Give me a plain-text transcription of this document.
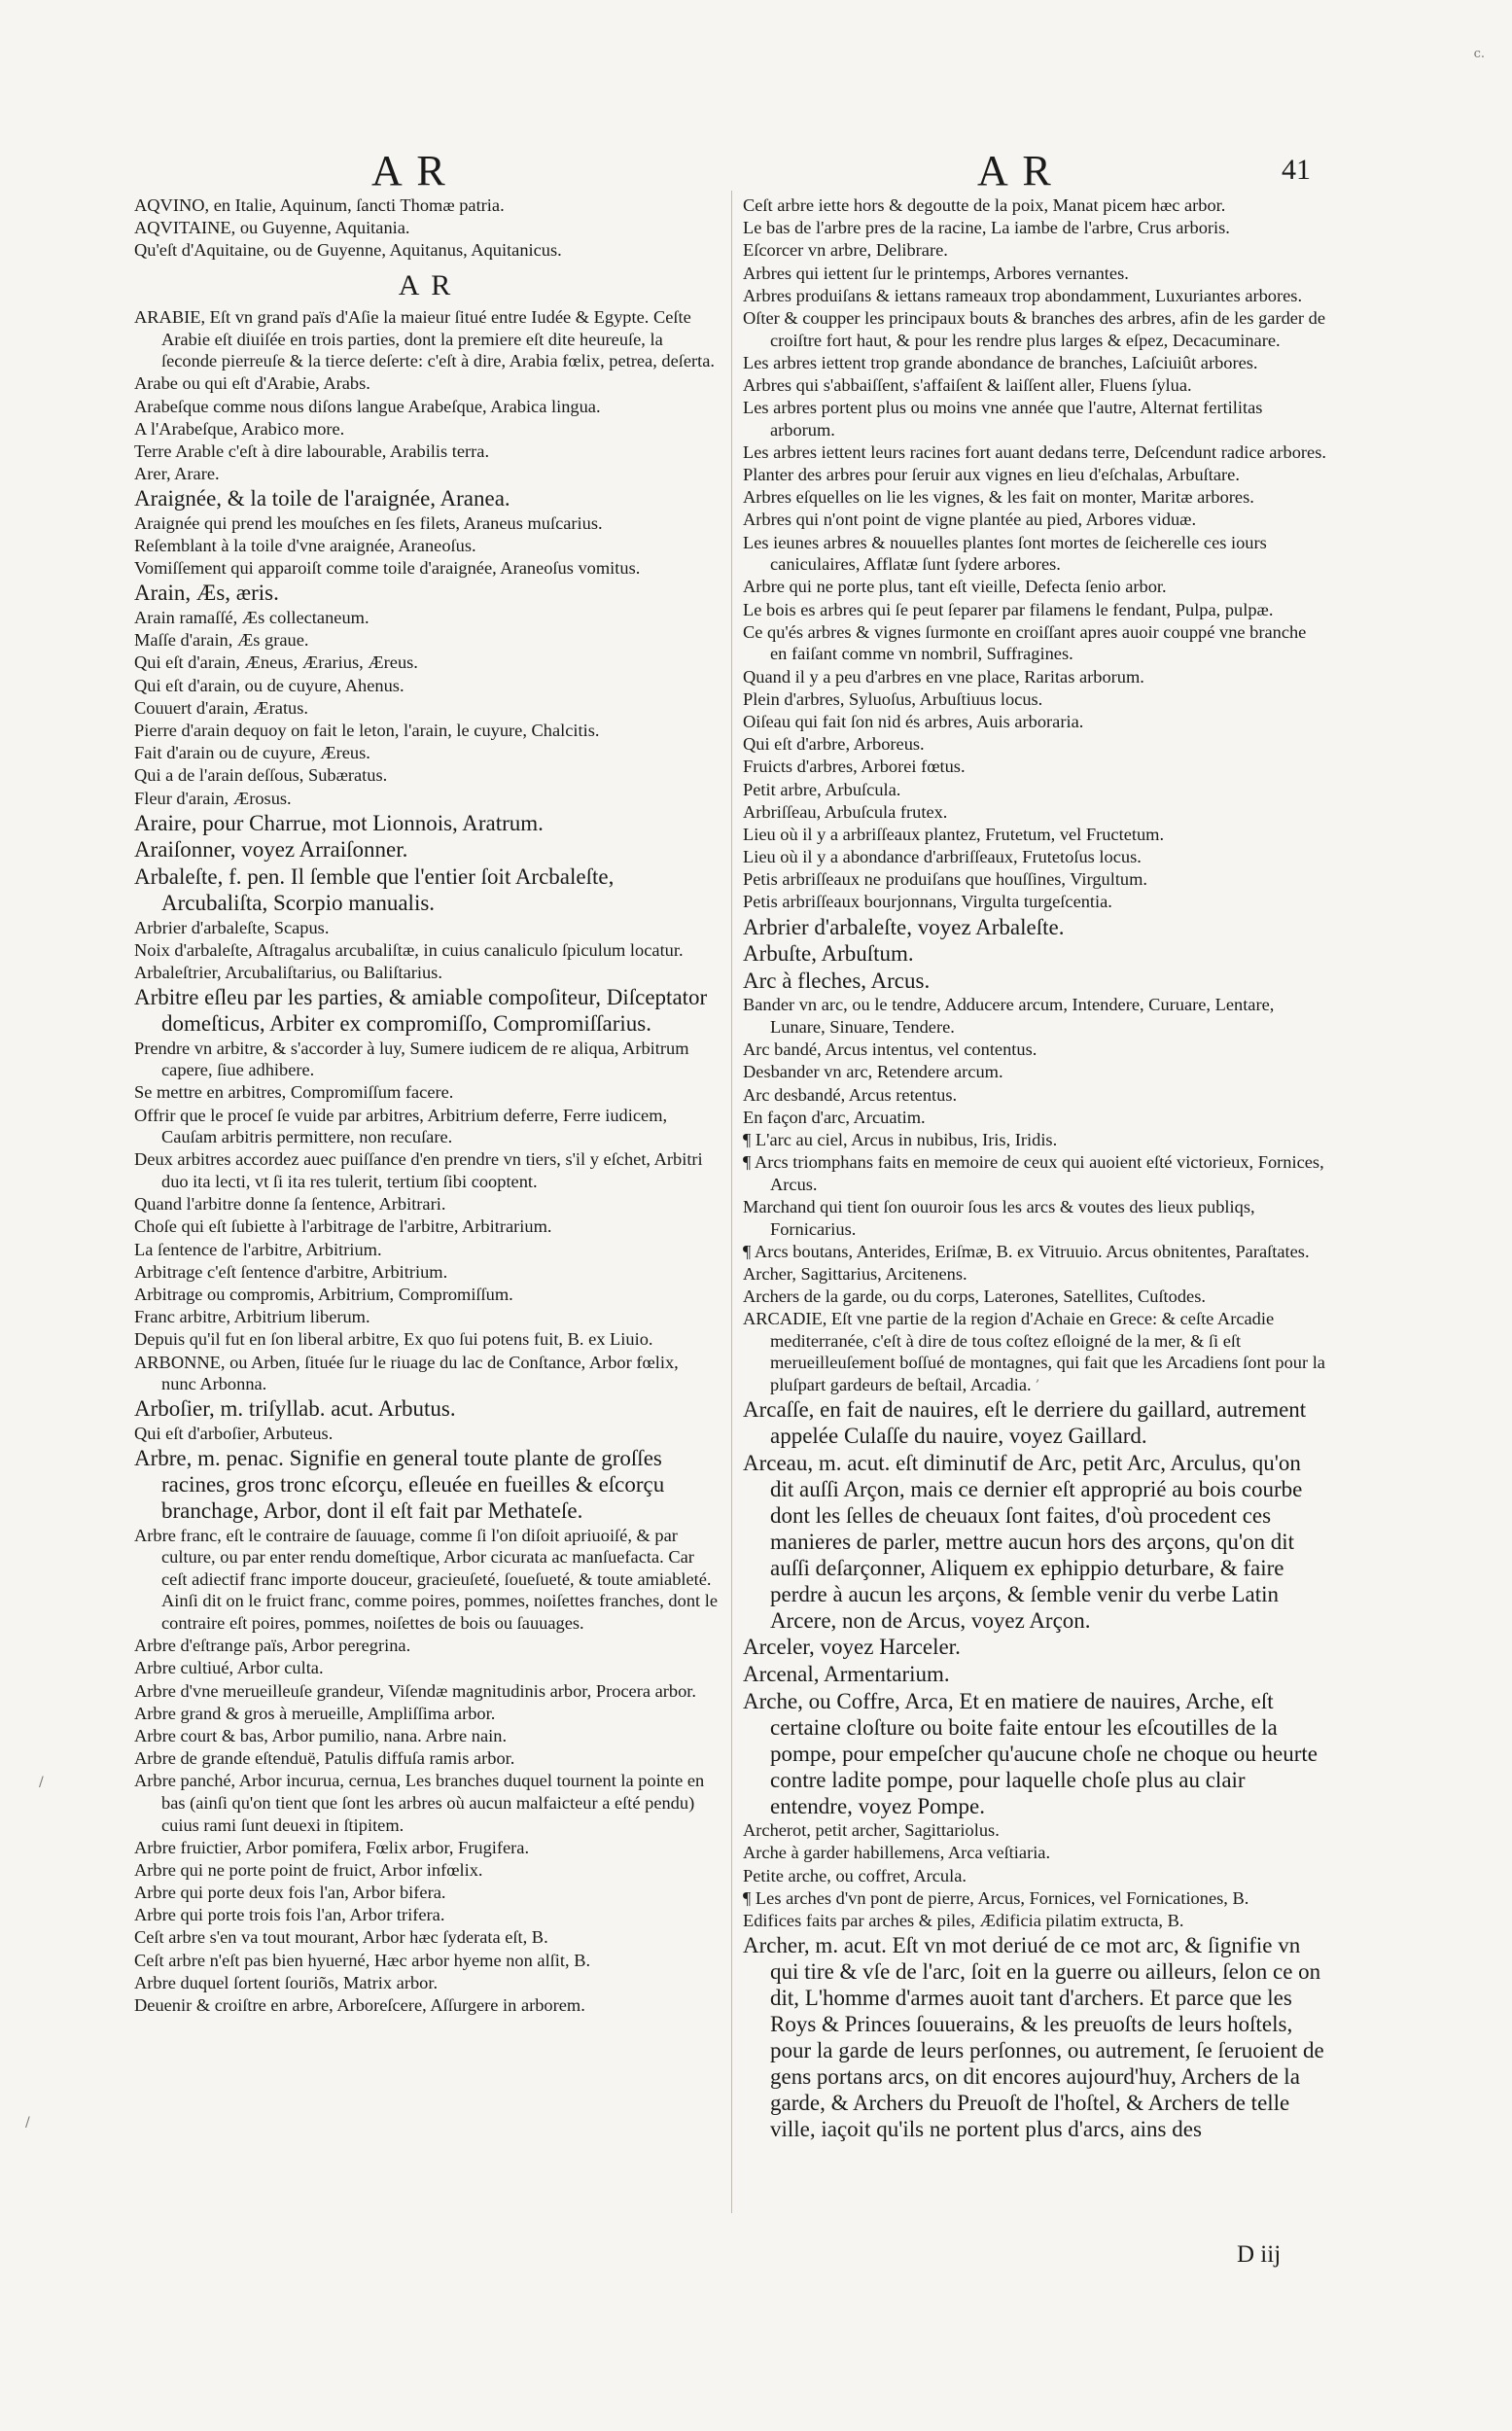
c.
A R	A R	41
AQVINO, en Italie, Aquinum, ſancti Thomæ patria.
AQVITAINE, ou Guyenne, Aquitania.
Qu'eſt d'Aquitaine, ou de Guyenne, Aquitanus, Aquitanicus.
A R
ARABIE, Eſt vn grand païs d'Aſie la maieur ſitué entre Iudée & Egypte. Ceſte Arabie eſt diuiſée en trois parties, dont la premiere eſt dite heureuſe, la ſeconde pierreuſe & la tierce deſerte: c'eſt à dire, Arabia fœlix, petrea, deſerta.
Arabe ou qui eſt d'Arabie, Arabs.
Arabeſque comme nous diſons langue Arabeſque, Arabica lingua.
A l'Arabeſque, Arabico more.
Terre Arable c'eſt à dire labourable, Arabilis terra.
Arer, Arare.
Araignée, & la toile de l'araignée, Aranea.
Araignée qui prend les mouſches en ſes filets, Araneus muſcarius.
Reſemblant à la toile d'vne araignée, Araneoſus.
Vomiſſement qui apparoiſt comme toile d'araignée, Araneoſus vomitus.
Arain, Æs, æris.
Arain ramaſſé, Æs collectaneum.
Maſſe d'arain, Æs graue.
Qui eſt d'arain, Æneus, Ærarius, Æreus.
Qui eſt d'arain, ou de cuyure, Ahenus.
Couuert d'arain, Æratus.
Pierre d'arain dequoy on fait le leton, l'arain, le cuyure, Chalcitis.
Fait d'arain ou de cuyure, Æreus.
Qui a de l'arain deſſous, Subæratus.
Fleur d'arain, Ærosus.
Araire, pour Charrue, mot Lionnois, Aratrum.
Araiſonner, voyez Arraiſonner.
Arbaleſte, f. pen. Il ſemble que l'entier ſoit Arcbaleſte, Arcubaliſta, Scorpio manualis.
Arbrier d'arbaleſte, Scapus.
Noix d'arbaleſte, Aſtragalus arcubaliſtæ, in cuius canaliculo ſpiculum locatur.
Arbaleſtrier, Arcubaliſtarius, ou Baliſtarius.
Arbitre eſleu par les parties, & amiable compoſiteur, Diſceptator domeſticus, Arbiter ex compromiſſo, Compromiſſarius.
Prendre vn arbitre, & s'accorder à luy, Sumere iudicem de re aliqua, Arbitrum capere, ſiue adhibere.
Se mettre en arbitres, Compromiſſum facere.
Offrir que le proceſ ſe vuide par arbitres, Arbitrium deferre, Ferre iudicem, Cauſam arbitris permittere, non recuſare.
Deux arbitres accordez auec puiſſance d'en prendre vn tiers, s'il y eſchet, Arbitri duo ita lecti, vt ſi ita res tulerit, tertium ſibi cooptent.
Quand l'arbitre donne ſa ſentence, Arbitrari.
Choſe qui eſt ſubiette à l'arbitrage de l'arbitre, Arbitrarium.
La ſentence de l'arbitre, Arbitrium.
Arbitrage c'eſt ſentence d'arbitre, Arbitrium.
Arbitrage ou compromis, Arbitrium, Compromiſſum.
Franc arbitre, Arbitrium liberum.
Depuis qu'il fut en ſon liberal arbitre, Ex quo ſui potens fuit, B. ex Liuio.
ARBONNE, ou Arben, ſituée ſur le riuage du lac de Conſtance, Arbor fœlix, nunc Arbonna.
Arboſier, m. triſyllab. acut. Arbutus.
Qui eſt d'arboſier, Arbuteus.
Arbre, m. penac. Signifie en general toute plante de groſſes racines, gros tronc eſcorçu, eſleuée en fueilles & eſcorçu branchage, Arbor, dont il eſt fait par Methateſe.
Arbre franc, eſt le contraire de ſauuage, comme ſi l'on diſoit apriuoiſé, & par culture, ou par enter rendu domeſtique, Arbor cicurata ac manſuefacta. Car ceſt adiectif franc importe douceur, gracieuſeté, ſoueſueté, & toute amiableté. Ainſi dit on le fruict franc, comme poires, pommes, noiſettes franches, dont le contraire eſt poires, pommes, noiſettes de bois ou ſauuages.
Arbre d'eſtrange païs, Arbor peregrina.
Arbre cultiué, Arbor culta.
Arbre d'vne merueilleuſe grandeur, Viſendæ magnitudinis arbor, Procera arbor.
Arbre grand & gros à merueille, Ampliſſima arbor.
Arbre court & bas, Arbor pumilio, nana. Arbre nain.
Arbre de grande eſtenduë, Patulis diffuſa ramis arbor.
Arbre panché, Arbor incurua, cernua, Les branches duquel tournent la pointe en bas (ainſi qu'on tient que ſont les arbres où aucun malfaicteur a eſté pendu) cuius rami ſunt deuexi in ſtipitem.
Arbre fruictier, Arbor pomifera, Fœlix arbor, Frugifera.
Arbre qui ne porte point de fruict, Arbor infœlix.
Arbre qui porte deux fois l'an, Arbor bifera.
Arbre qui porte trois fois l'an, Arbor trifera.
Ceſt arbre s'en va tout mourant, Arbor hæc ſyderata eſt, B.
Ceſt arbre n'eſt pas bien hyuerné, Hæc arbor hyeme non alſit, B.
Arbre duquel ſortent ſouriõs, Matrix arbor.
Deuenir & croiſtre en arbre, Arboreſcere, Aſſurgere in arborem.
Ceſt arbre iette hors & degoutte de la poix, Manat picem hæc arbor.
Le bas de l'arbre pres de la racine, La iambe de l'arbre, Crus arboris.
Eſcorcer vn arbre, Delibrare.
Arbres qui iettent ſur le printemps, Arbores vernantes.
Arbres produiſans & iettans rameaux trop abondamment, Luxuriantes arbores.
Oſter & coupper les principaux bouts & branches des arbres, afin de les garder de croiſtre fort haut, & pour les rendre plus larges & eſpez, Decacuminare.
Les arbres iettent trop grande abondance de branches, Laſciuiût arbores.
Arbres qui s'abbaiſſent, s'affaiſent & laiſſent aller, Fluens ſylua.
Les arbres portent plus ou moins vne année que l'autre, Alternat fertilitas arborum.
Les arbres iettent leurs racines fort auant dedans terre, Deſcendunt radice arbores.
Planter des arbres pour ſeruir aux vignes en lieu d'eſchalas, Arbuſtare.
Arbres eſquelles on lie les vignes, & les fait on monter, Maritæ arbores.
Arbres qui n'ont point de vigne plantée au pied, Arbores viduæ.
Les ieunes arbres & nouuelles plantes ſont mortes de ſeicherelle ces iours caniculaires, Afflatæ ſunt ſydere arbores.
Arbre qui ne porte plus, tant eſt vieille, Defecta ſenio arbor.
Le bois es arbres qui ſe peut ſeparer par filamens le fendant, Pulpa, pulpæ.
Ce qu'és arbres & vignes ſurmonte en croiſſant apres auoir couppé vne branche en faiſant comme vn nombril, Suffragines.
Quand il y a peu d'arbres en vne place, Raritas arborum.
Plein d'arbres, Syluoſus, Arbuſtiuus locus.
Oiſeau qui fait ſon nid és arbres, Auis arboraria.
Qui eſt d'arbre, Arboreus.
Fruicts d'arbres, Arborei fœtus.
Petit arbre, Arbuſcula.
Arbriſſeau, Arbuſcula frutex.
Lieu où il y a arbriſſeaux plantez, Frutetum, vel Fructetum.
Lieu où il y a abondance d'arbriſſeaux, Frutetoſus locus.
Petis arbriſſeaux ne produiſans que houſſines, Virgultum.
Petis arbriſſeaux bourjonnans, Virgulta turgeſcentia.
Arbrier d'arbaleſte, voyez Arbaleſte.
Arbuſte, Arbuſtum.
Arc à fleches, Arcus.
Bander vn arc, ou le tendre, Adducere arcum, Intendere, Curuare, Lentare, Lunare, Sinuare, Tendere.
Arc bandé, Arcus intentus, vel contentus.
Desbander vn arc, Retendere arcum.
Arc desbandé, Arcus retentus.
En façon d'arc, Arcuatim.
¶ L'arc au ciel, Arcus in nubibus, Iris, Iridis.
¶ Arcs triomphans faits en memoire de ceux qui auoient eſté victorieux, Fornices, Arcus.
Marchand qui tient ſon ouuroir ſous les arcs & voutes des lieux publiqs, Fornicarius.
¶ Arcs boutans, Anterides, Eriſmæ, B. ex Vitruuio. Arcus obnitentes, Paraſtates.
Archer, Sagittarius, Arcitenens.
Archers de la garde, ou du corps, Laterones, Satellites, Cuſtodes.
ARCADIE, Eſt vne partie de la region d'Achaie en Grece: & ceſte Arcadie mediterranée, c'eſt à dire de tous coſtez eſloigné de la mer, & ſi eſt merueilleuſement boſſué de montagnes, qui fait que les Arcadiens ſont pour la pluſpart gardeurs de beſtail, Arcadia.
Arcaſſe, en fait de nauires, eſt le derriere du gaillard, autrement appelée Culaſſe du nauire, voyez Gaillard.
Arceau, m. acut. eſt diminutif de Arc, petit Arc, Arculus, qu'on dit auſſi Arçon, mais ce dernier eſt approprié au bois courbe dont les ſelles de cheuaux ſont faites, d'où procedent ces manieres de parler, mettre aucun hors des arçons, qu'on dit auſſi deſarçonner, Aliquem ex ephippio deturbare, & faire perdre à aucun les arçons, & ſemble venir du verbe Latin Arcere, non de Arcus, voyez Arçon.
Arceler, voyez Harceler.
Arcenal, Armentarium.
Arche, ou Coffre, Arca, Et en matiere de nauires, Arche, eſt certaine cloſture ou boite faite entour les eſcoutilles de la pompe, pour empeſcher qu'aucune choſe ne choque ou heurte contre ladite pompe, pour laquelle choſe plus au clair entendre, voyez Pompe.
Archerot, petit archer, Sagittariolus.
Arche à garder habillemens, Arca veſtiaria.
Petite arche, ou coffret, Arcula.
¶ Les arches d'vn pont de pierre, Arcus, Fornices, vel Fornicationes, B.
Edifices faits par arches & piles, Ædificia pilatim extructa, B.
Archer, m. acut. Eſt vn mot deriué de ce mot arc, & ſignifie vn qui tire & vſe de l'arc, ſoit en la guerre ou ailleurs, ſelon ce on dit, L'homme d'armes auoit tant d'archers. Et parce que les Roys & Princes ſouuerains, & les preuoſts de leurs hoſtels, pour la garde de leurs perſonnes, ou autrement, ſe ſeruoient de gens portans arcs, on dit encores aujourd'huy, Archers de la garde, & Archers du Preuoſt de l'hoſtel, & Archers de telle ville, iaçoit qu'ils ne portent plus d'arcs, ains des
D iij
/
/
,
